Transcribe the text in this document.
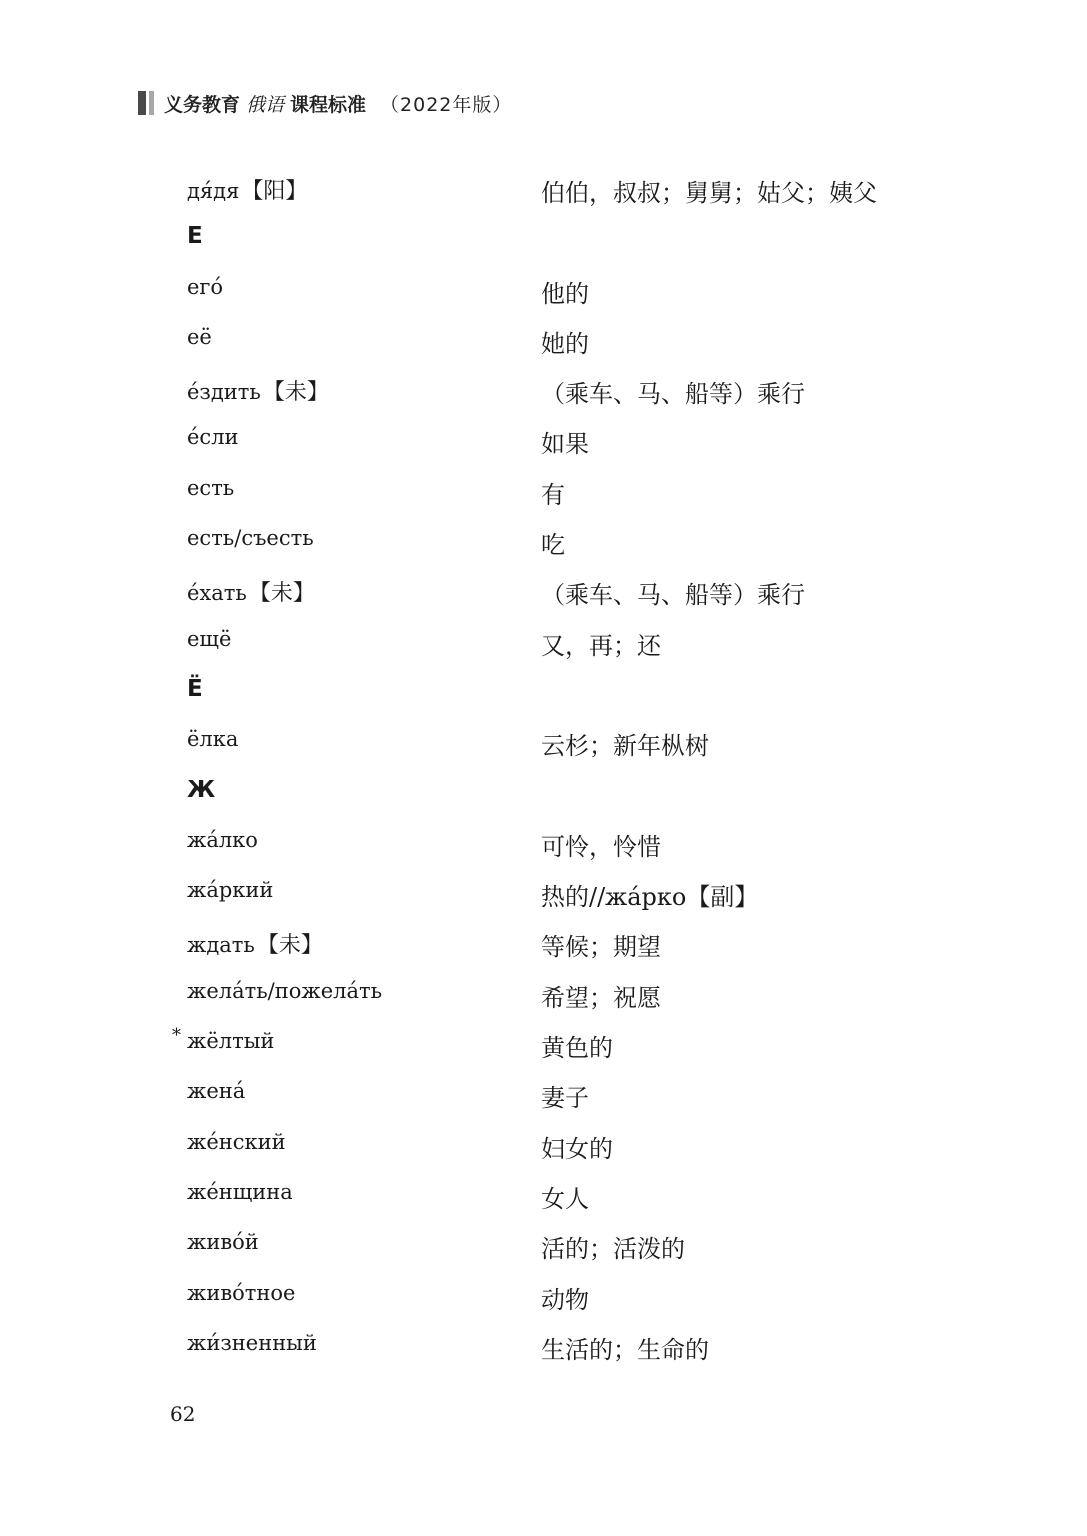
义务教育 俄语 课程标准 （2022年版）
дя́дя【阳】	伯伯，叔叔；舅舅；姑父；姨父
Е
его́	他的
её	她的
е́здить【未】	（乘车、马、船等）乘行
е́сли	如果
есть	有
есть/съесть	吃
е́хать【未】	（乘车、马、船等）乘行
ещё	又，再；还
Ё
ёлка	云杉；新年枞树
Ж
жа́лко	可怜，怜惜
жа́ркий	热的//жа́рко【副】
ждать【未】	等候；期望
жела́ть/пожела́ть	希望；祝愿
* жёлтый	黄色的
жена́	妻子
же́нский	妇女的
же́нщина	女人
живо́й	活的；活泼的
живо́тное	动物
жи́зненный	生活的；生命的
62
